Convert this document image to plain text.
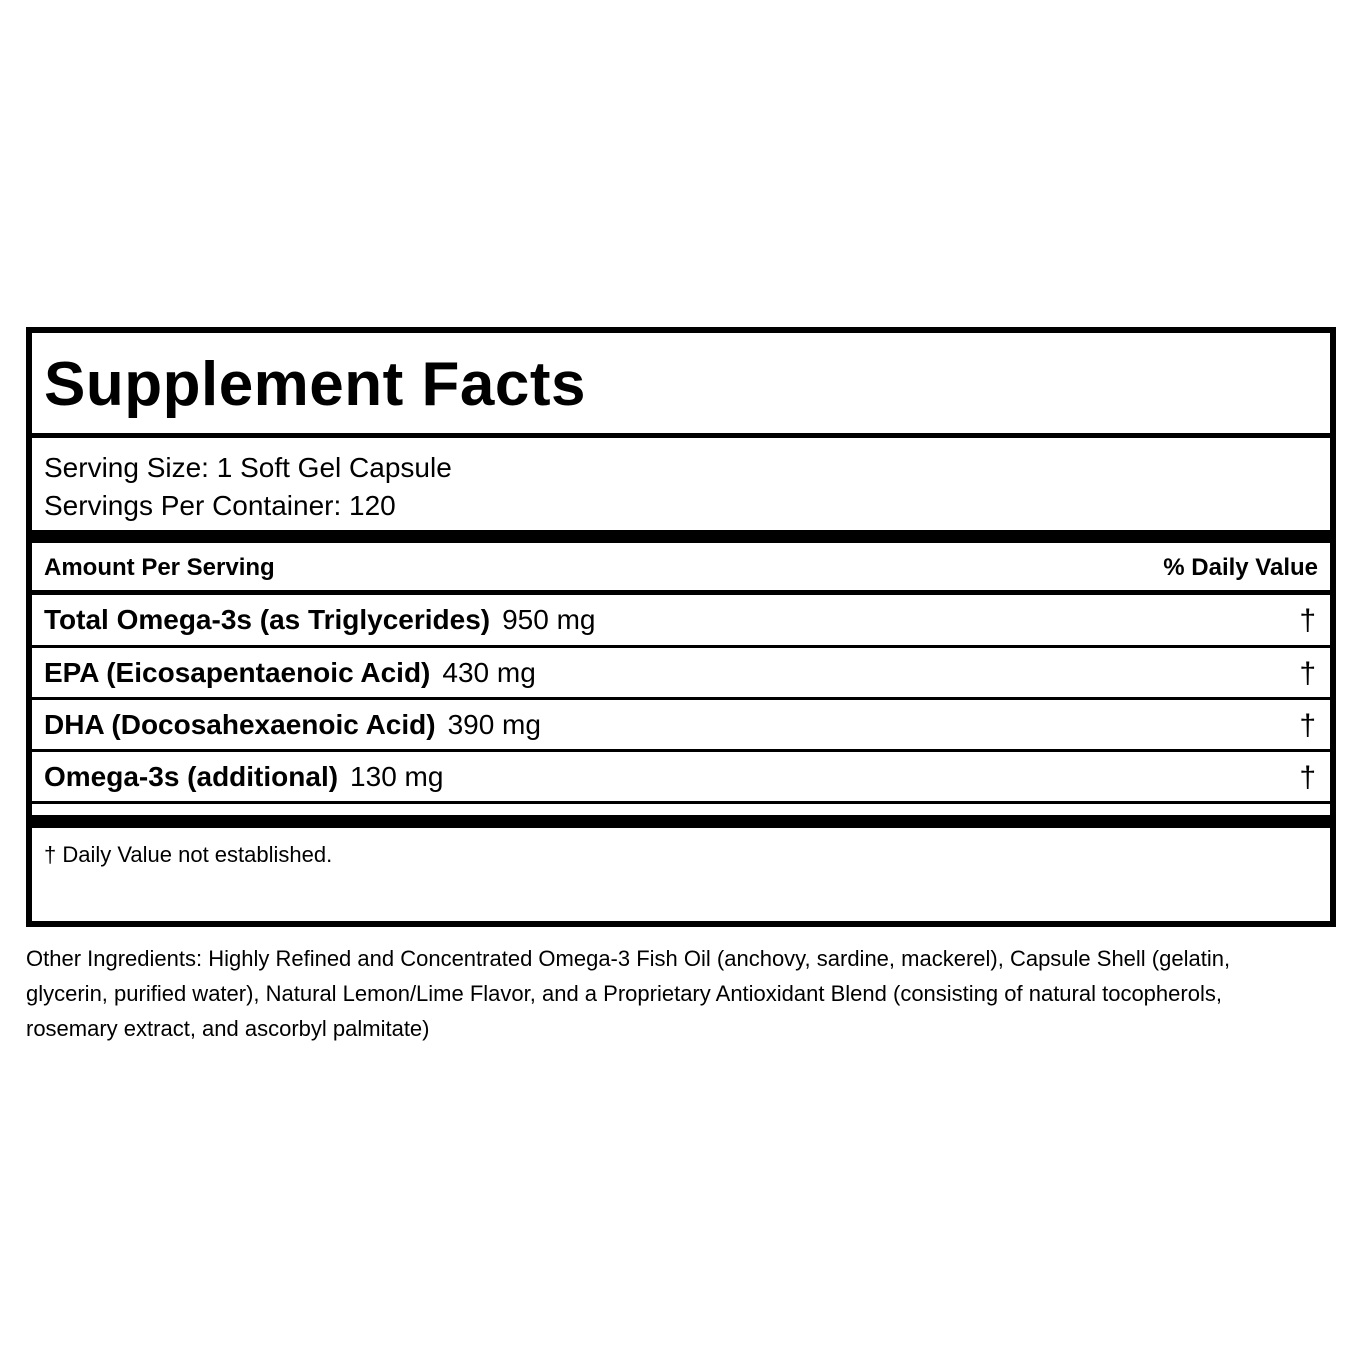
Supplement Facts
Serving Size: 1 Soft Gel Capsule
Servings Per Container: 120
Amount Per Serving	% Daily Value
Total Omega-3s (as Triglycerides) 950 mg	†
EPA (Eicosapentaenoic Acid) 430 mg	†
DHA (Docosahexaenoic Acid) 390 mg	†
Omega-3s (additional) 130 mg	†
† Daily Value not established.
Other Ingredients: Highly Refined and Concentrated Omega-3 Fish Oil (anchovy, sardine, mackerel), Capsule Shell (gelatin, glycerin, purified water), Natural Lemon/Lime Flavor, and a Proprietary Antioxidant Blend (consisting of natural tocopherols, rosemary extract, and ascorbyl palmitate)
